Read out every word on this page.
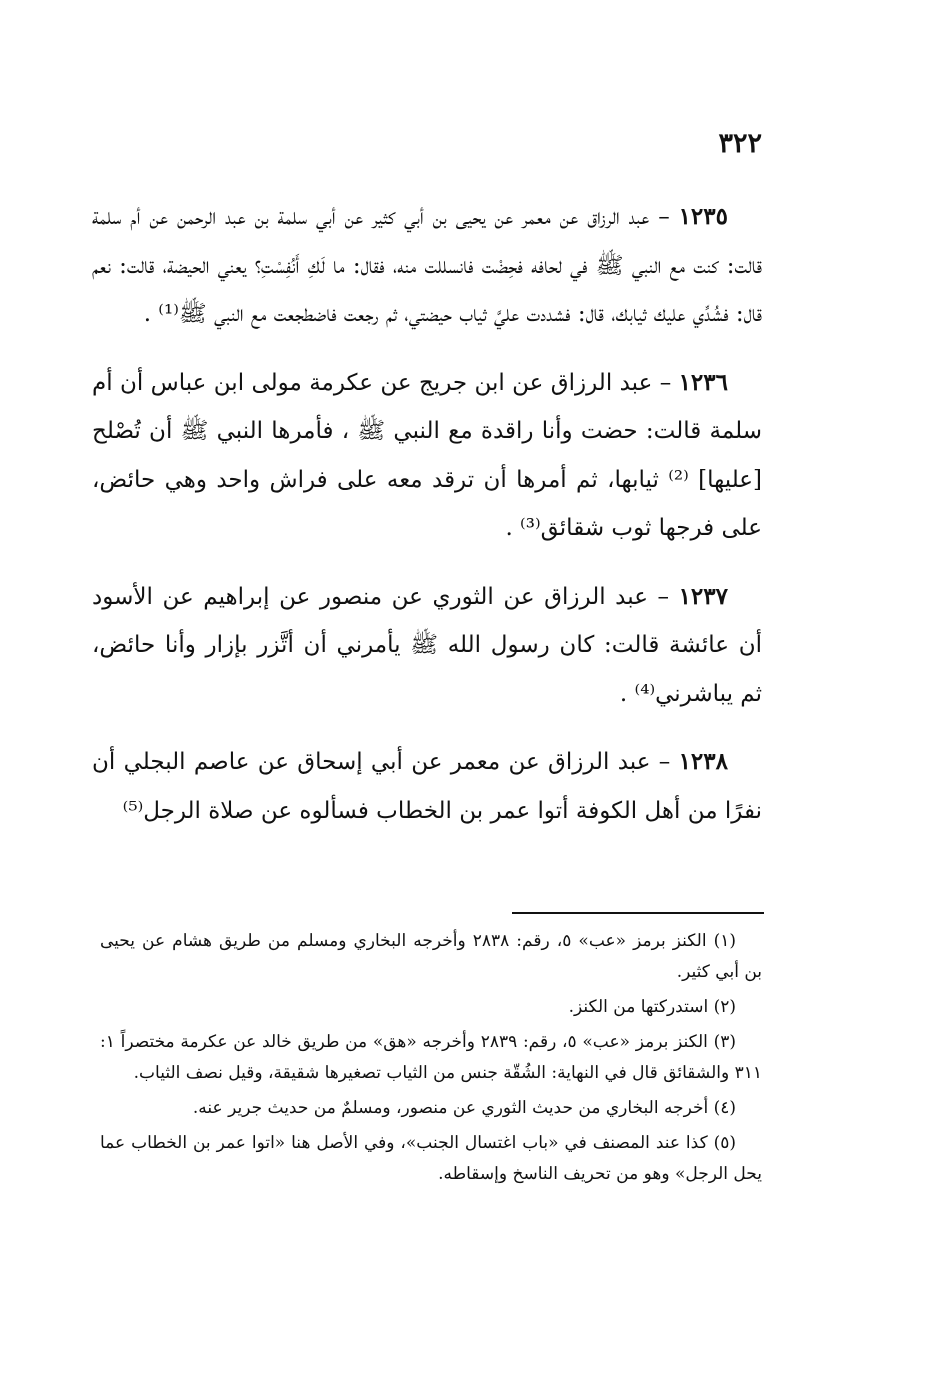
٣٢٢

١٢٣٥ – عبد الرزاق عن معمر عن يحيى بن أبي كثير عن أبي سلمة بن عبد الرحمن عن أم سلمة قالت: كنت مع النبي ﷺ في لحافه فحِضْت فانسللت منه، فقال: ما لَكِ أَنُفِسْتِ؟ يعني الحيضة، قالت: نعم قال: فشُدِّي عليك ثيابك، قال: فشددت عليَّ ثياب حيضتي، ثم رجعت فاضطجعت مع النبي ﷺ⁽¹⁾ .

١٢٣٦ – عبد الرزاق عن ابن جريج عن عكرمة مولى ابن عباس أن أم سلمة قالت: حضت وأنا راقدة مع النبي ﷺ ، فأمرها النبي ﷺ أن تُصْلح [عليها] ⁽²⁾ ثيابها، ثم أمرها أن ترقد معه على فراش واحد وهي حائض، على فرجها ثوب شقائق⁽³⁾ .

١٢٣٧ – عبد الرزاق عن الثوري عن منصور عن إبراهيم عن الأسود أن عائشة قالت: كان رسول الله ﷺ يأمرني أن أتَّزر بإزار وأنا حائض، ثم يباشرني⁽⁴⁾ .

١٢٣٨ – عبد الرزاق عن معمر عن أبي إسحاق عن عاصم البجلي أن نفرًا من أهل الكوفة أتوا عمر بن الخطاب فسألوه عن صلاة الرجل⁽⁵⁾

(١) الكنز برمز «عب» ٥، رقم: ٢٨٣٨ وأخرجه البخاري ومسلم من طريق هشام عن يحيى بن أبي كثير.

(٢) استدركتها من الكنز.

(٣) الكنز برمز «عب» ٥، رقم: ٢٨٣٩ وأخرجه «هق» من طريق خالد عن عكرمة مختصراً ١: ٣١١ والشقائق قال في النهاية: الشُقّة جنس من الثياب تصغيرها شقيقة، وقيل نصف الثياب.

(٤) أخرجه البخاري من حديث الثوري عن منصور، ومسلمٌ من حديث جرير عنه.

(٥) كذا عند المصنف في «باب اغتسال الجنب»، وفي الأصل هنا «اتوا عمر بن الخطاب عما يحل الرجل» وهو من تحريف الناسخ وإسقاطه.
